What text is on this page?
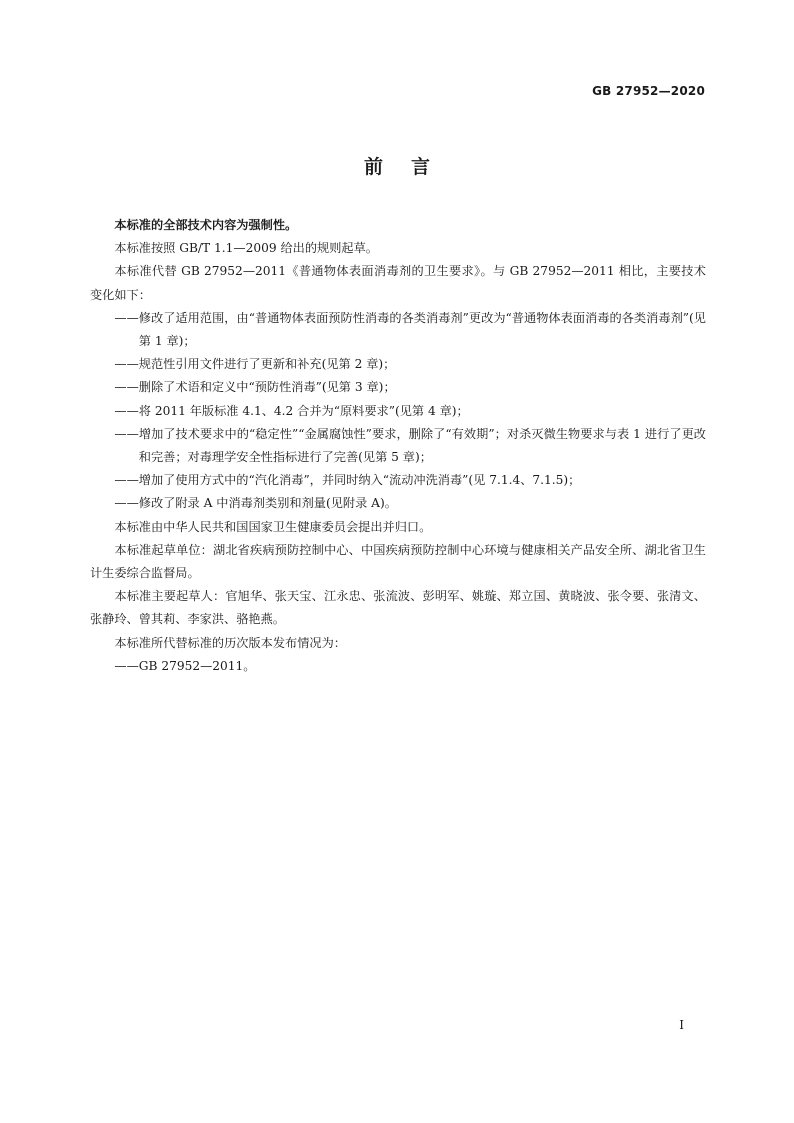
GB 27952—2020
前言

本标准的全部技术内容为强制性。

本标准按照 GB/T 1.1—2009 给出的规则起草。

本标准代替 GB 27952—2011《普通物体表面消毒剂的卫生要求》。与 GB 27952—2011 相比，主要技术变化如下：

——修改了适用范围，由“普通物体表面预防性消毒的各类消毒剂”更改为“普通物体表面消毒的各类消毒剂”(见第 1 章)；

——规范性引用文件进行了更新和补充(见第 2 章)；

——删除了术语和定义中“预防性消毒”(见第 3 章)；

——将 2011 年版标准 4.1、4.2 合并为“原料要求”(见第 4 章)；

——增加了技术要求中的“稳定性”“金属腐蚀性”要求，删除了“有效期”；对杀灭微生物要求与表 1 进行了更改和完善；对毒理学安全性指标进行了完善(见第 5 章)；

——增加了使用方式中的“汽化消毒”，并同时纳入“流动冲洗消毒”(见 7.1.4、7.1.5)；

——修改了附录 A 中消毒剂类别和剂量(见附录 A)。

本标准由中华人民共和国国家卫生健康委员会提出并归口。

本标准起草单位：湖北省疾病预防控制中心、中国疾病预防控制中心环境与健康相关产品安全所、湖北省卫生计生委综合监督局。

本标准主要起草人：官旭华、张天宝、江永忠、张流波、彭明军、姚璇、郑立国、黄晓波、张令要、张清文、张静玲、曾其莉、李家洪、骆艳燕。

本标准所代替标准的历次版本发布情况为：

——GB 27952—2011。

I
